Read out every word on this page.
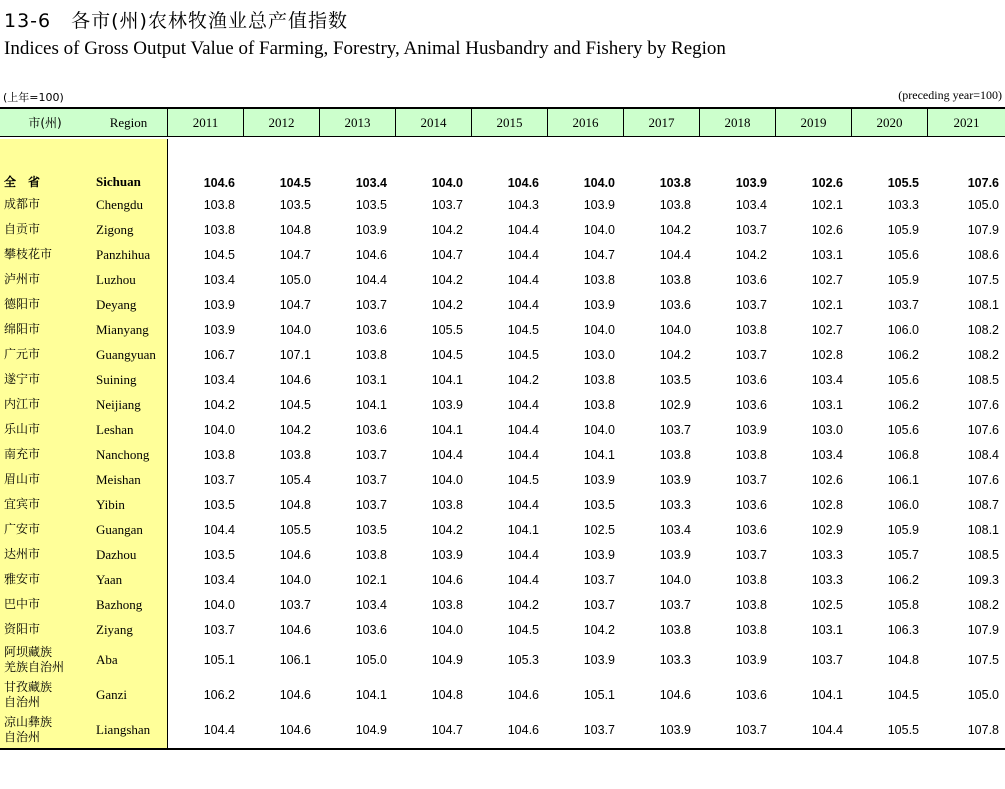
13-6　各市(州)农林牧渔业总产值指数
Indices of Gross Output Value of Farming, Forestry, Animal Husbandry and Fishery by Region
(上年=100)	(preceding year=100)
市(州)	Region	2011	2012	2013	2014	2015	2016	2017	2018	2019	2020	2021
全　省	Sichuan	104.6	104.5	103.4	104.0	104.6	104.0	103.8	103.9	102.6	105.5	107.6
成都市	Chengdu	103.8	103.5	103.5	103.7	104.3	103.9	103.8	103.4	102.1	103.3	105.0
自贡市	Zigong	103.8	104.8	103.9	104.2	104.4	104.0	104.2	103.7	102.6	105.9	107.9
攀枝花市	Panzhihua	104.5	104.7	104.6	104.7	104.4	104.7	104.4	104.2	103.1	105.6	108.6
泸州市	Luzhou	103.4	105.0	104.4	104.2	104.4	103.8	103.8	103.6	102.7	105.9	107.5
德阳市	Deyang	103.9	104.7	103.7	104.2	104.4	103.9	103.6	103.7	102.1	103.7	108.1
绵阳市	Mianyang	103.9	104.0	103.6	105.5	104.5	104.0	104.0	103.8	102.7	106.0	108.2
广元市	Guangyuan	106.7	107.1	103.8	104.5	104.5	103.0	104.2	103.7	102.8	106.2	108.2
遂宁市	Suining	103.4	104.6	103.1	104.1	104.2	103.8	103.5	103.6	103.4	105.6	108.5
内江市	Neijiang	104.2	104.5	104.1	103.9	104.4	103.8	102.9	103.6	103.1	106.2	107.6
乐山市	Leshan	104.0	104.2	103.6	104.1	104.4	104.0	103.7	103.9	103.0	105.6	107.6
南充市	Nanchong	103.8	103.8	103.7	104.4	104.4	104.1	103.8	103.8	103.4	106.8	108.4
眉山市	Meishan	103.7	105.4	103.7	104.0	104.5	103.9	103.9	103.7	102.6	106.1	107.6
宜宾市	Yibin	103.5	104.8	103.7	103.8	104.4	103.5	103.3	103.6	102.8	106.0	108.7
广安市	Guangan	104.4	105.5	103.5	104.2	104.1	102.5	103.4	103.6	102.9	105.9	108.1
达州市	Dazhou	103.5	104.6	103.8	103.9	104.4	103.9	103.9	103.7	103.3	105.7	108.5
雅安市	Yaan	103.4	104.0	102.1	104.6	104.4	103.7	104.0	103.8	103.3	106.2	109.3
巴中市	Bazhong	104.0	103.7	103.4	103.8	104.2	103.7	103.7	103.8	102.5	105.8	108.2
资阳市	Ziyang	103.7	104.6	103.6	104.0	104.5	104.2	103.8	103.8	103.1	106.3	107.9
阿坝藏族
羌族自治州	Aba	105.1	106.1	105.0	104.9	105.3	103.9	103.3	103.9	103.7	104.8	107.5
甘孜藏族
自治州	Ganzi	106.2	104.6	104.1	104.8	104.6	105.1	104.6	103.6	104.1	104.5	105.0
凉山彝族
自治州	Liangshan	104.4	104.6	104.9	104.7	104.6	103.7	103.9	103.7	104.4	105.5	107.8
